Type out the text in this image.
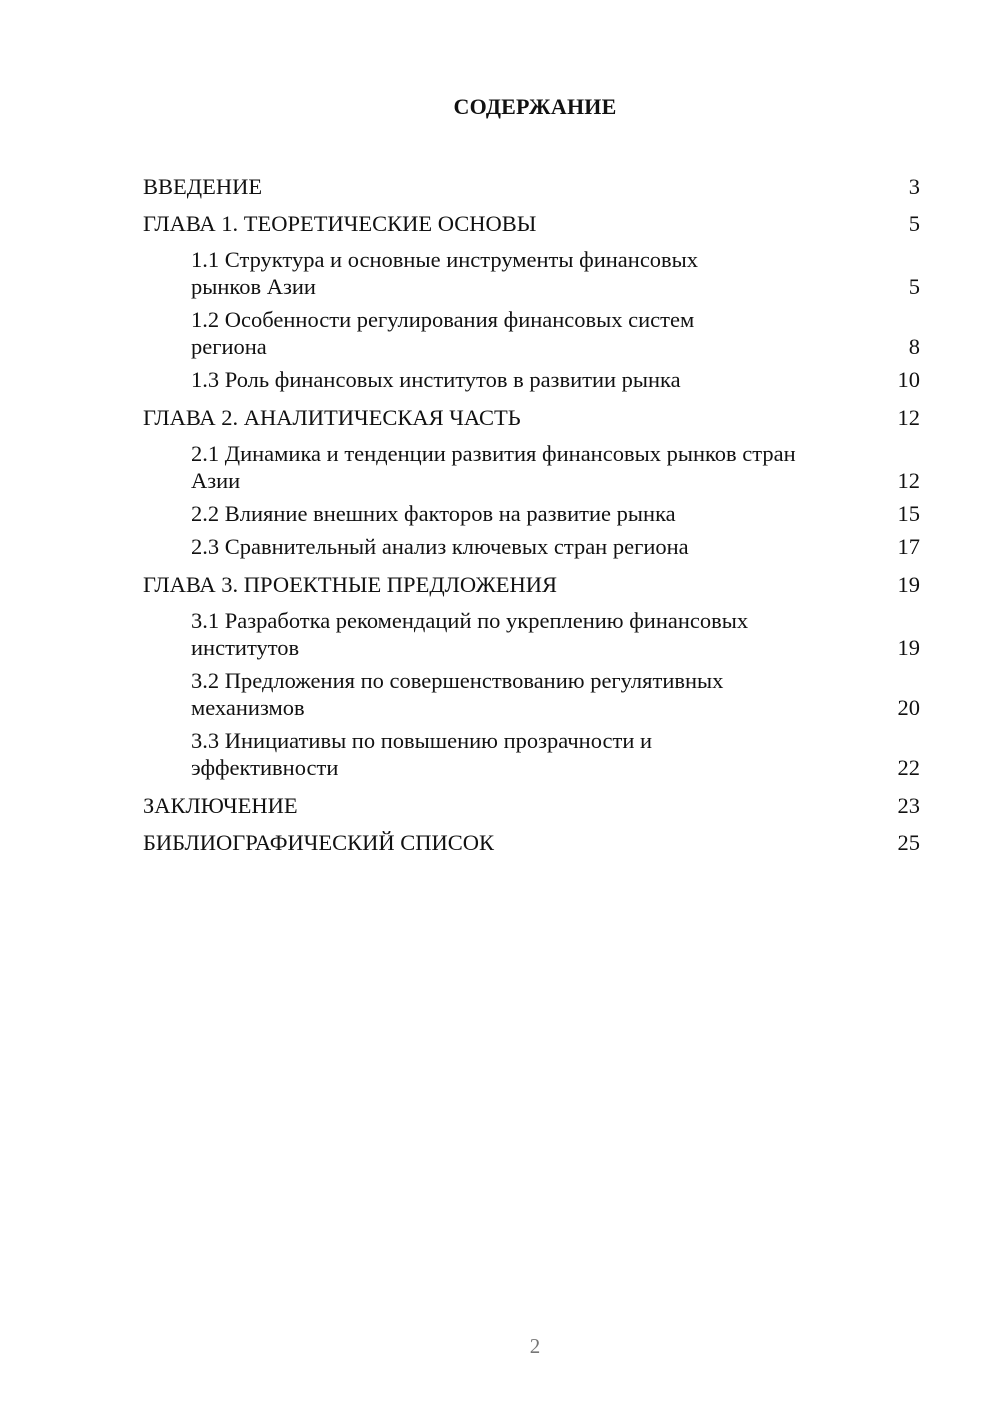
СОДЕРЖАНИЕ
ВВЕДЕНИЕ	3
ГЛАВА 1. ТЕОРЕТИЧЕСКИЕ ОСНОВЫ	5
1.1 Структура и основные инструменты финансовых рынков Азии	5
1.2 Особенности регулирования финансовых систем региона	8
1.3 Роль финансовых институтов в развитии рынка	10
ГЛАВА 2. АНАЛИТИЧЕСКАЯ ЧАСТЬ	12
2.1 Динамика и тенденции развития финансовых рынков стран Азии	12
2.2 Влияние внешних факторов на развитие рынка	15
2.3 Сравнительный анализ ключевых стран региона	17
ГЛАВА 3. ПРОЕКТНЫЕ ПРЕДЛОЖЕНИЯ	19
3.1 Разработка рекомендаций по укреплению финансовых институтов	19
3.2 Предложения по совершенствованию регулятивных механизмов	20
3.3 Инициативы по повышению прозрачности и эффективности	22
ЗАКЛЮЧЕНИЕ	23
БИБЛИОГРАФИЧЕСКИЙ СПИСОК	25
2
